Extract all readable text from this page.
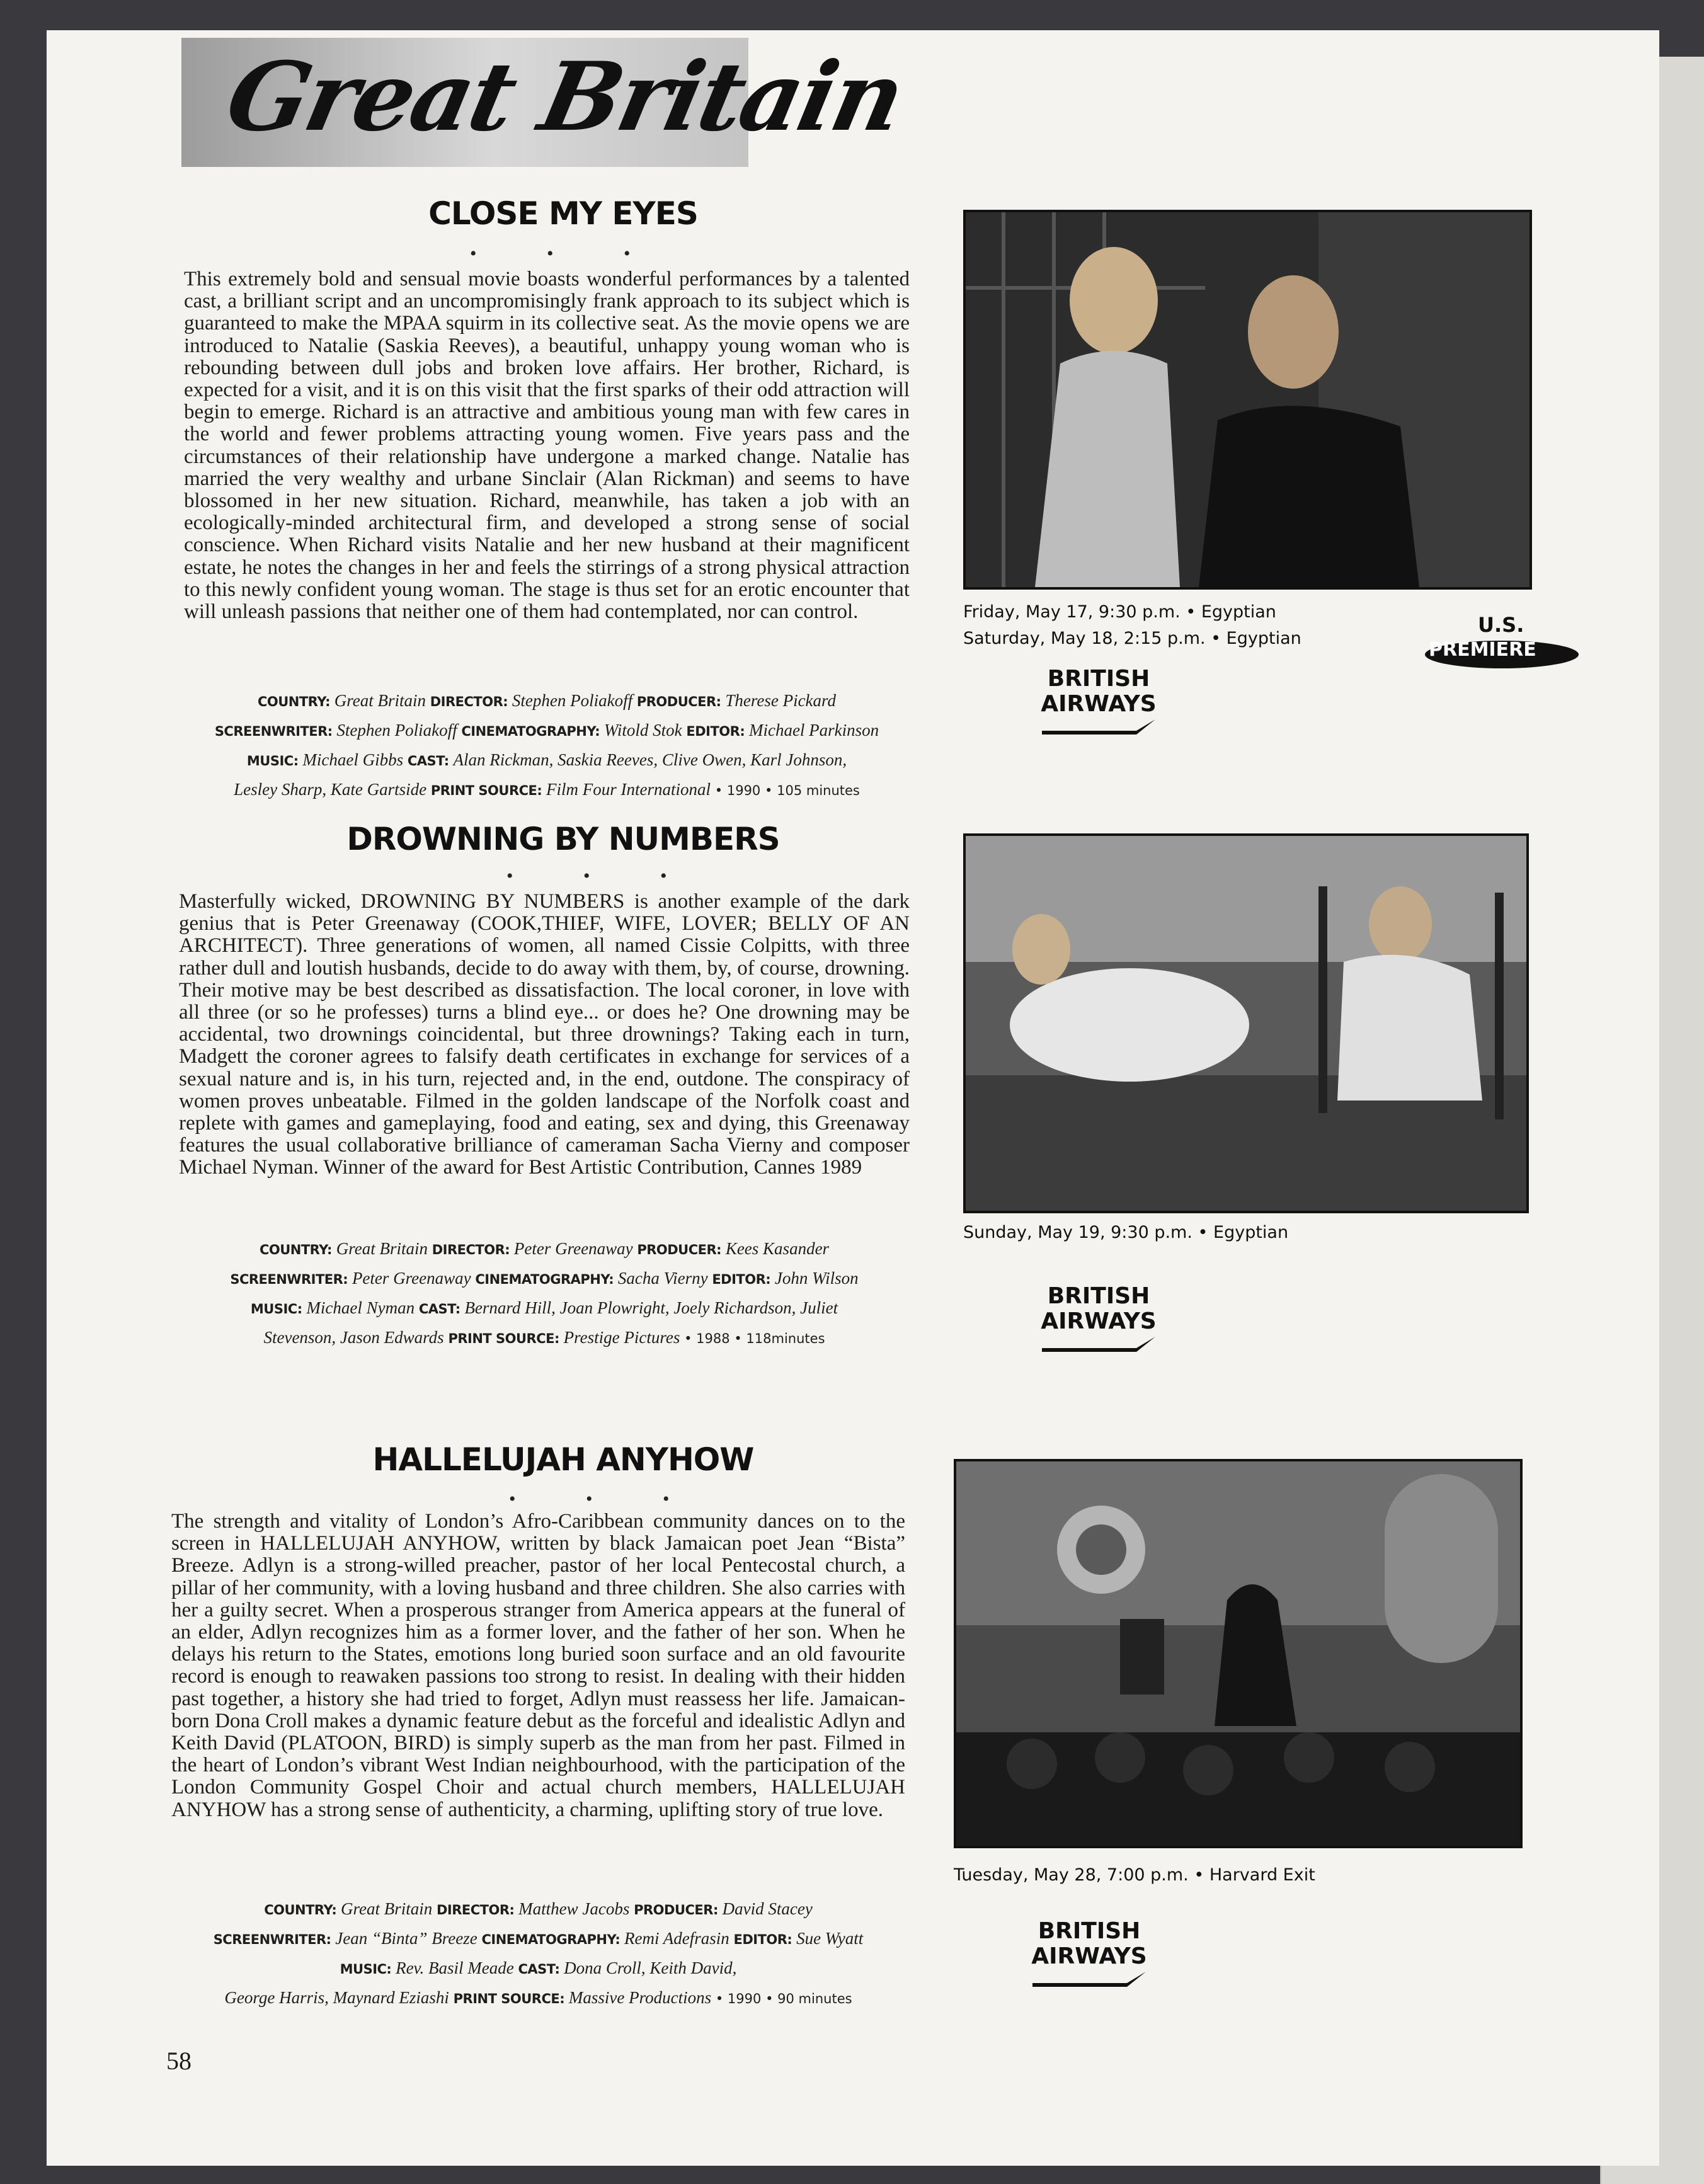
Great Britain
CLOSE MY EYES
• • •
This extremely bold and sensual movie boasts wonderful performances by a talented cast, a brilliant script and an uncompromisingly frank approach to its subject which is guaranteed to make the MPAA squirm in its collective seat. As the movie opens we are introduced to Natalie (Saskia Reeves), a beautiful, unhappy young woman who is rebounding between dull jobs and broken love affairs. Her brother, Richard, is expected for a visit, and it is on this visit that the first sparks of their odd attraction will begin to emerge. Richard is an attractive and ambitious young man with few cares in the world and fewer problems attracting young women. Five years pass and the circumstances of their relationship have undergone a marked change. Natalie has married the very wealthy and urbane Sinclair (Alan Rickman) and seems to have blossomed in her new situation. Richard, meanwhile, has taken a job with an ecologically-minded architectural firm, and developed a strong sense of social conscience. When Richard visits Natalie and her new husband at their magnificent estate, he notes the changes in her and feels the stirrings of a strong physical attraction to this newly confident young woman. The stage is thus set for an erotic encounter that will unleash passions that neither one of them had contemplated, nor can control.
COUNTRY: Great Britain DIRECTOR: Stephen Poliakoff PRODUCER: Therese Pickard
SCREENWRITER: Stephen Poliakoff CINEMATOGRAPHY: Witold Stok EDITOR: Michael Parkinson
MUSIC: Michael Gibbs CAST: Alan Rickman, Saskia Reeves, Clive Owen, Karl Johnson,
Lesley Sharp, Kate Gartside PRINT SOURCE: Film Four International • 1990 • 105 minutes
Friday, May 17, 9:30 p.m. • Egyptian
Saturday, May 18, 2:15 p.m. • Egyptian
U.S.
PREMIERE
BRITISH
AIRWAYS
DROWNING BY NUMBERS
• • •
Masterfully wicked, DROWNING BY NUMBERS is another example of the dark genius that is Peter Greenaway (COOK,THIEF, WIFE, LOVER; BELLY OF AN ARCHITECT). Three generations of women, all named Cissie Colpitts, with three rather dull and loutish husbands, decide to do away with them, by, of course, drowning. Their motive may be best described as dissatisfaction. The local coroner, in love with all three (or so he professes) turns a blind eye... or does he? One drowning may be accidental, two drownings coincidental, but three drownings? Taking each in turn, Madgett the coroner agrees to falsify death certificates in exchange for services of a sexual nature and is, in his turn, rejected and, in the end, outdone. The conspiracy of women proves unbeatable. Filmed in the golden landscape of the Norfolk coast and replete with games and gameplaying, food and eating, sex and dying, this Greenaway features the usual collaborative brilliance of cameraman Sacha Vierny and composer Michael Nyman. Winner of the award for Best Artistic Contribution, Cannes 1989
COUNTRY: Great Britain DIRECTOR: Peter Greenaway PRODUCER: Kees Kasander
SCREENWRITER: Peter Greenaway CINEMATOGRAPHY: Sacha Vierny EDITOR: John Wilson
MUSIC: Michael Nyman CAST: Bernard Hill, Joan Plowright, Joely Richardson, Juliet
Stevenson, Jason Edwards PRINT SOURCE: Prestige Pictures • 1988 • 118minutes
Sunday, May 19, 9:30 p.m. • Egyptian
BRITISH
AIRWAYS
HALLELUJAH ANYHOW
• • •
The strength and vitality of London’s Afro-Caribbean community dances on to the screen in HALLELUJAH ANYHOW, written by black Jamaican poet Jean “Bista” Breeze. Adlyn is a strong-willed preacher, pastor of her local Pentecostal church, a pillar of her community, with a loving husband and three children. She also carries with her a guilty secret. When a prosperous stranger from America appears at the funeral of an elder, Adlyn recognizes him as a former lover, and the father of her son. When he delays his return to the States, emotions long buried soon surface and an old favourite record is enough to reawaken passions too strong to resist. In dealing with their hidden past together, a history she had tried to forget, Adlyn must reassess her life. Jamaican-born Dona Croll makes a dynamic feature debut as the forceful and idealistic Adlyn and Keith David (PLATOON, BIRD) is simply superb as the man from her past. Filmed in the heart of London’s vibrant West Indian neighbourhood, with the participation of the London Community Gospel Choir and actual church members, HALLELUJAH ANYHOW has a strong sense of authenticity, a charming, uplifting story of true love.
COUNTRY: Great Britain DIRECTOR: Matthew Jacobs PRODUCER: David Stacey
SCREENWRITER: Jean “Binta” Breeze CINEMATOGRAPHY: Remi Adefrasin EDITOR: Sue Wyatt
MUSIC: Rev. Basil Meade CAST: Dona Croll, Keith David,
George Harris, Maynard Eziashi PRINT SOURCE: Massive Productions • 1990 • 90 minutes
Tuesday, May 28, 7:00 p.m. • Harvard Exit
BRITISH
AIRWAYS
58
